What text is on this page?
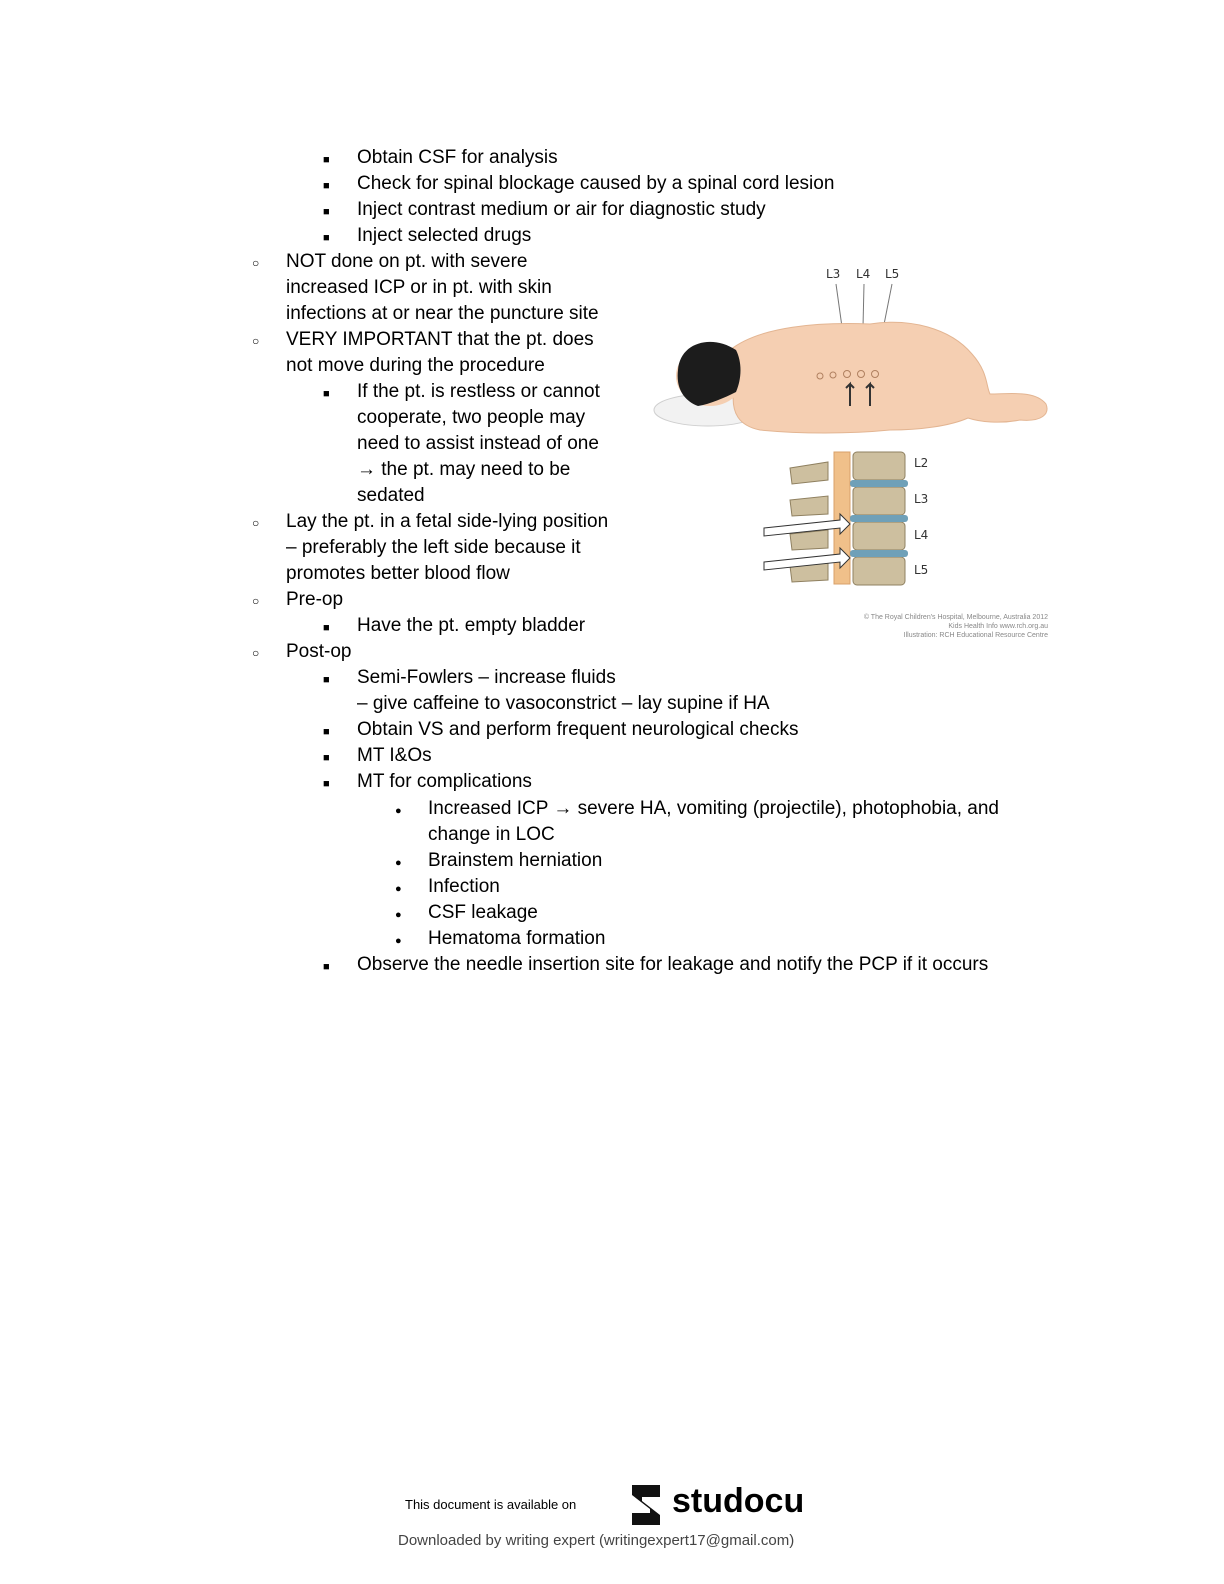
■
Obtain CSF for analysis
■
Check for spinal blockage caused by a spinal cord lesion
■
Inject contrast medium or air for diagnostic study
■
Inject selected drugs
○
NOT done on pt. with severe
increased ICP or in pt. with skin
infections at or near the puncture site
○
VERY IMPORTANT that the pt. does
not move during the procedure
■
If the pt. is restless or cannot
cooperate, two people may
need to assist instead of one
→ the pt. may need to be
sedated
○
Lay the pt. in a fetal side-lying position
– preferably the left side because it
promotes better blood flow
○
Pre-op
■
Have the pt. empty bladder
○
Post-op
■
Semi-Fowlers – increase fluids
– give caffeine to vasoconstrict – lay supine if HA
■
Obtain VS and perform frequent neurological checks
■
MT I&Os
■
MT for complications
●
Increased ICP → severe HA, vomiting (projectile), photophobia, and
change in LOC
●
Brainstem herniation
●
Infection
●
CSF leakage
●
Hematoma formation
■
Observe the needle insertion site for leakage and notify the PCP if it occurs
L3 L4 L5
L2
L3
L4
L5
© The Royal Children's Hospital, Melbourne, Australia 2012
Kids Health Info www.rch.org.au
Illustration: RCH Educational Resource Centre
This document is available on	studocu
Downloaded by writing expert (writingexpert17@gmail.com)
